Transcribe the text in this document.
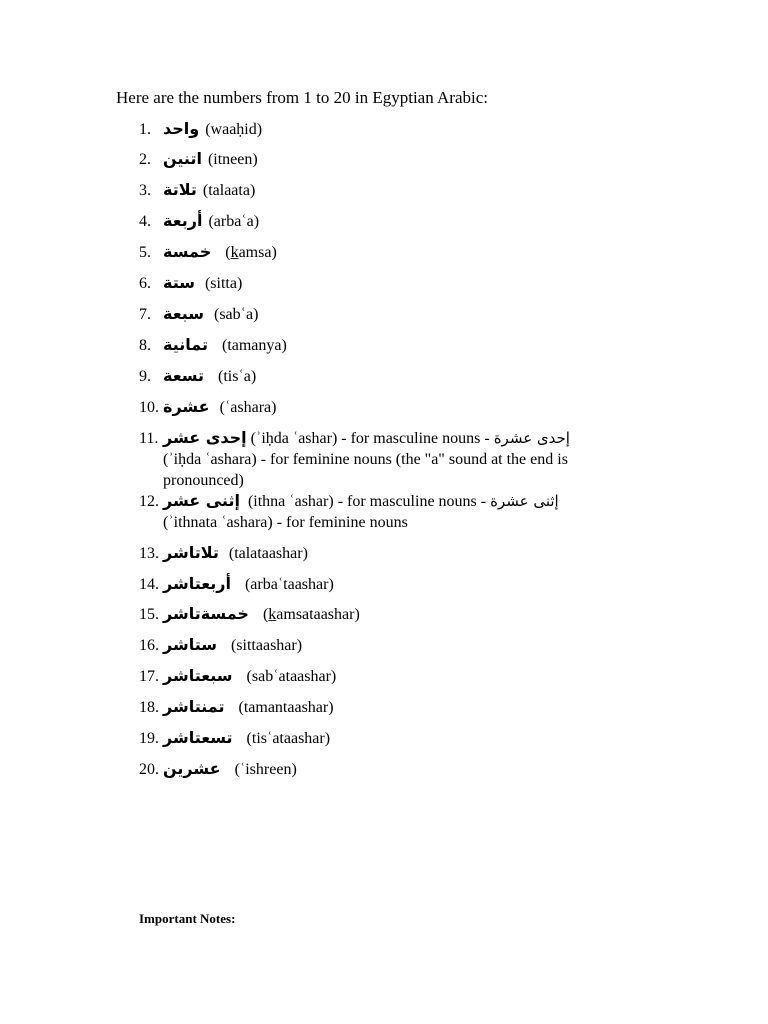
Here are the numbers from 1 to 20 in Egyptian Arabic:
1. واحد (waaḥid)
2. اتنين (itneen)
3. تلاتة (talaata)
4. أربعة (arbaʿa)
5. خمسة (k̲amsa)
6. ستة (sitta)
7. سبعة (sabʿa)
8. تمانية (tamanya)
9. تسعة (tisʿa)
10. عشرة (ʿashara)
11. إحدى عشر (ʾiḥda ʿashar) - for masculine nouns - إحدى عشرة
(ʾiḥda ʿashara) - for feminine nouns (the "a" sound at the end is pronounced)
12. إثنى عشر (ithna ʿashar) - for masculine nouns - إثنى عشرة
(ʾithnata ʿashara) - for feminine nouns
13. تلاتاشر (talataashar)
14. أربعتاشر (arbaʿtaashar)
15. خمسةتاشر (k̲amsataashar)
16. ستاشر (sittaashar)
17. سبعتاشر (sabʿataashar)
18. تمنتاشر (tamantaashar)
19. تسعتاشر (tisʿataashar)
20. عشرين (ʿishreen)
Important Notes:
